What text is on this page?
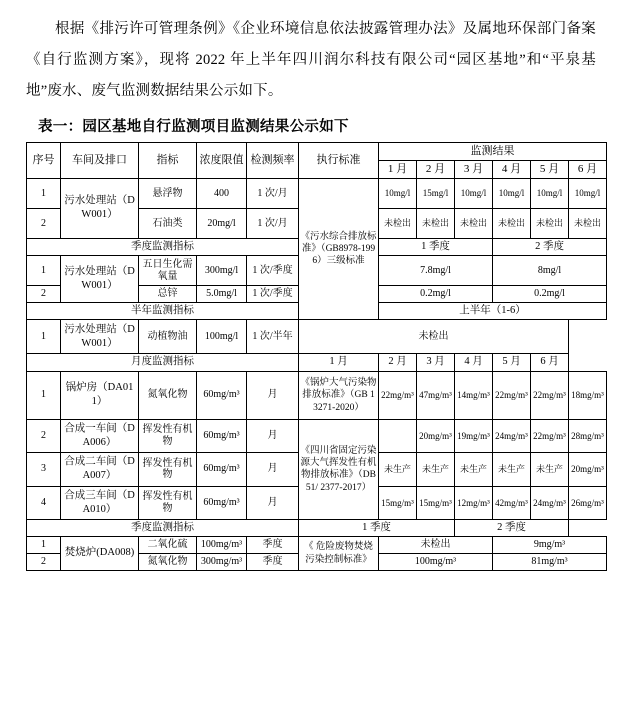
根据《排污许可管理条例》《企业环境信息依法披露管理办法》及属地环保部门备案《自行监测方案》，现将 2022 年上半年四川润尔科技有限公司“园区基地”和“平泉基地”废水、废气监测数据结果公示如下。

表一：园区基地自行监测项目监测结果公示如下
序号	车间及排口	指标	浓度限值	检测频率	执行标准	监测结果					
						1 月	2 月	3 月	4 月	5 月	6 月
1	污水处理站（DW001）	悬浮物	400	1 次/月	《污水综合排放标准》（GB8978-1996）三级标准	10mg/l	15mg/l	10mg/l	10mg/l	10mg/l	10mg/l
2		石油类	20mg/l	1 次/月		未检出	未检出	未检出	未检出	未检出	未检出
季度监测指标						1 季度			2 季度		
1	污水处理站（DW001）	五日生化需氧量	300mg/l	1 次/季度		7.8mg/l			8mg/l		
2		总锌	5.0mg/l	1 次/季度		0.2mg/l			0.2mg/l		
半年监测指标						上半年（1-6）					
1	污水处理站（DW001）	动植物油	100mg/l	1 次/半年	未检出						
月度监测指标					1 月	2 月	3 月	4 月	5 月	6 月	
1	锅炉房（DA011）	氮氧化物	60mg/m³	月	《锅炉大气污染物排放标准》（GB 13271-2020）	22mg/m³	47mg/m³	14mg/m³	22mg/m³	22mg/m³	18mg/m³
2	合成一车间（DA006）	挥发性有机物	60mg/m³	月	《四川省固定污染源大气挥发性有机物排放标准》（DB51/ 2377-2017）		20mg/m³	19mg/m³	24mg/m³	22mg/m³	28mg/m³
3	合成二车间（DA007）	挥发性有机物	60mg/m³	月		未生产	未生产	未生产	未生产	未生产	20mg/m³
4	合成三车间（DA010）	挥发性有机物	60mg/m³	月		15mg/m³	15mg/m³	12mg/m³	42mg/m³	24mg/m³	26mg/m³
季度监测指标					1 季度			2 季度			
1	焚烧炉(DA008)	二氧化硫	100mg/m³	季度	《 危险废物焚烧污染控制标准》	未检出			9mg/m³		
2		氮氧化物	300mg/m³	季度		100mg/m³			81mg/m³		
